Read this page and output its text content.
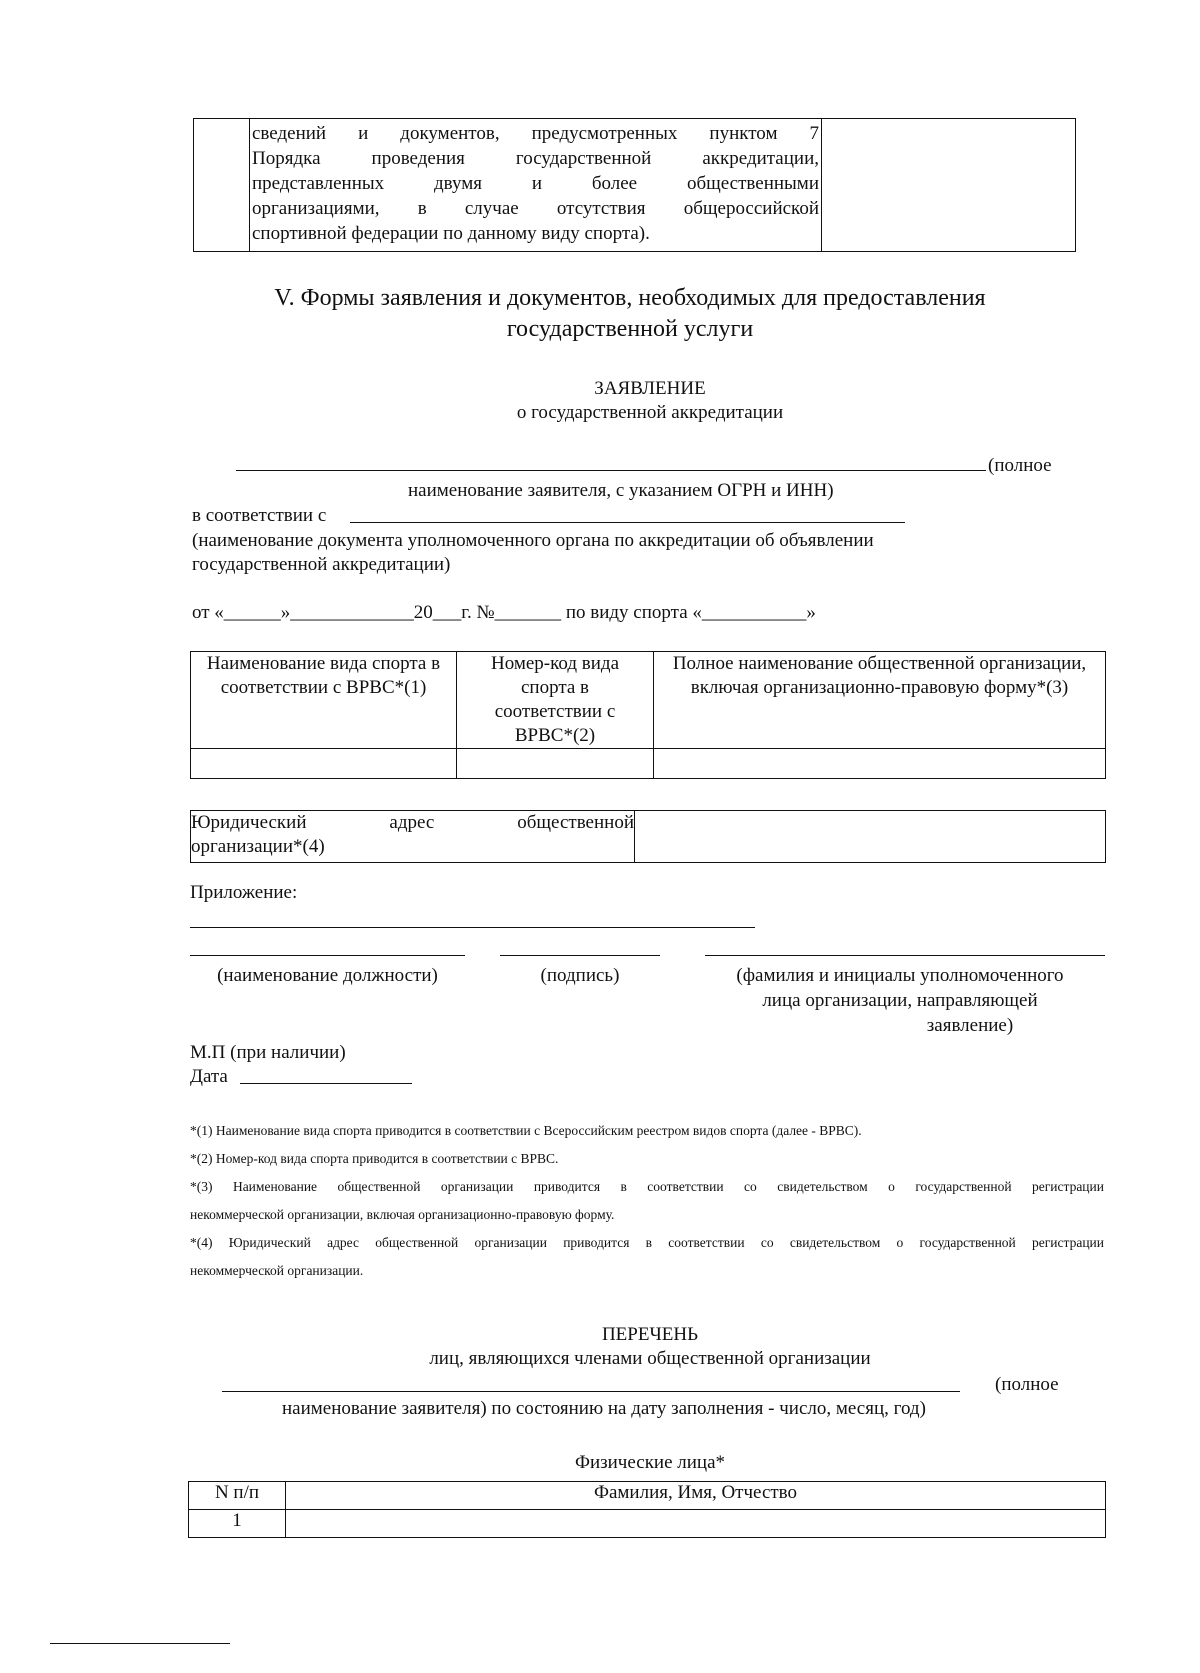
сведений и документов, предусмотренных пунктом 7
Порядка проведения государственной аккредитации,
представленных двумя и более общественными
организациями, в случае отсутствия общероссийской
спортивной федерации по данному виду спорта).

V. Формы заявления и документов, необходимых для предоставления
государственной услуги
ЗАЯВЛЕНИЕ
о государственной аккредитации
(полное
наименование заявителя, с указанием ОГРН и ИНН)
в соответствии с
(наименование документа уполномоченного органа по аккредитации об объявлении
государственной аккредитации)
от «______»_____________20___г. №_______ по виду спорта «___________»
Наименование вида спорта в соответствии с ВРВС*(1)	Номер-код вида спорта в соответствии с ВРВС*(2)	Полное наименование общественной организации, включая организационно-правовую форму*(3)

Юридический адрес общественной
организации*(4)

Приложение:
(наименование должности)	(подпись)	(фамилия и инициалы уполномоченного
лица организации, направляющей
заявление)
М.П (при наличии)
Дата
*(1) Наименование вида спорта приводится в соответствии с Всероссийским реестром видов спорта (далее - ВРВС).
*(2) Номер-код вида спорта приводится в соответствии с ВРВС.
*(3) Наименование общественной организации приводится в соответствии со свидетельством о государственной регистрации
некоммерческой организации, включая организационно-правовую форму.
*(4) Юридический адрес общественной организации приводится в соответствии со свидетельством о государственной регистрации
некоммерческой организации.
ПЕРЕЧЕНЬ
лиц, являющихся членами общественной организации
(полное
наименование заявителя) по состоянию на дату заполнения - число, месяц, год)
Физические лица*
N п/п	Фамилия, Имя, Отчество
1	
